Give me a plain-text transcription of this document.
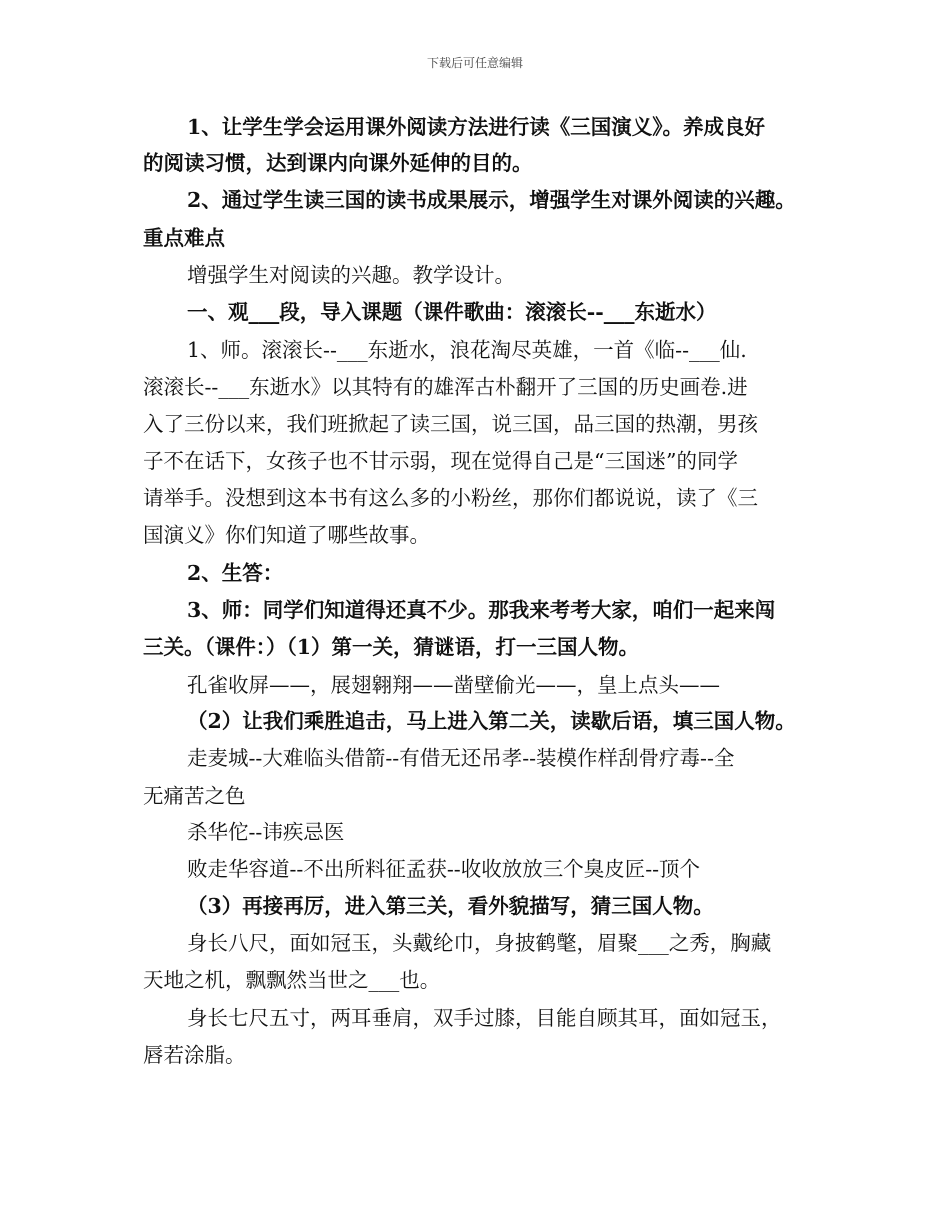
下载后可任意编辑

1、让学生学会运用课外阅读方法进行读《三国演义》。养成良好

的阅读习惯，达到课内向课外延伸的目的。

2、通过学生读三国的读书成果展示，增强学生对课外阅读的兴趣。

重点难点

增强学生对阅读的兴趣。教学设计。

一、观___段，导入课题（课件歌曲：滚滚长--___东逝水）

1、师。滚滚长--___东逝水，浪花淘尽英雄，一首《临--___仙.

滚滚长--___东逝水》以其特有的雄浑古朴翻开了三国的历史画卷.进

入了三份以来，我们班掀起了读三国，说三国，品三国的热潮，男孩

子不在话下，女孩子也不甘示弱，现在觉得自己是“三国迷”的同学

请举手。没想到这本书有这么多的小粉丝，那你们都说说，读了《三

国演义》你们知道了哪些故事。

2、生答：

3、师：同学们知道得还真不少。那我来考考大家，咱们一起来闯

三关。（课件：）（1）第一关，猜谜语，打一三国人物。

孔雀收屏——，展翅翱翔——凿壁偷光——，皇上点头——

（2）让我们乘胜追击，马上进入第二关，读歇后语，填三国人物。

走麦城--大难临头借箭--有借无还吊孝--装模作样刮骨疗毒--全

无痛苦之色

杀华佗--讳疾忌医

败走华容道--不出所料征孟获--收收放放三个臭皮匠--顶个

（3）再接再厉，进入第三关，看外貌描写，猜三国人物。

身长八尺，面如冠玉，头戴纶巾，身披鹤氅，眉聚___之秀，胸藏

天地之机，飘飘然当世之___也。

身长七尺五寸，两耳垂肩，双手过膝，目能自顾其耳，面如冠玉，

唇若涂脂。
